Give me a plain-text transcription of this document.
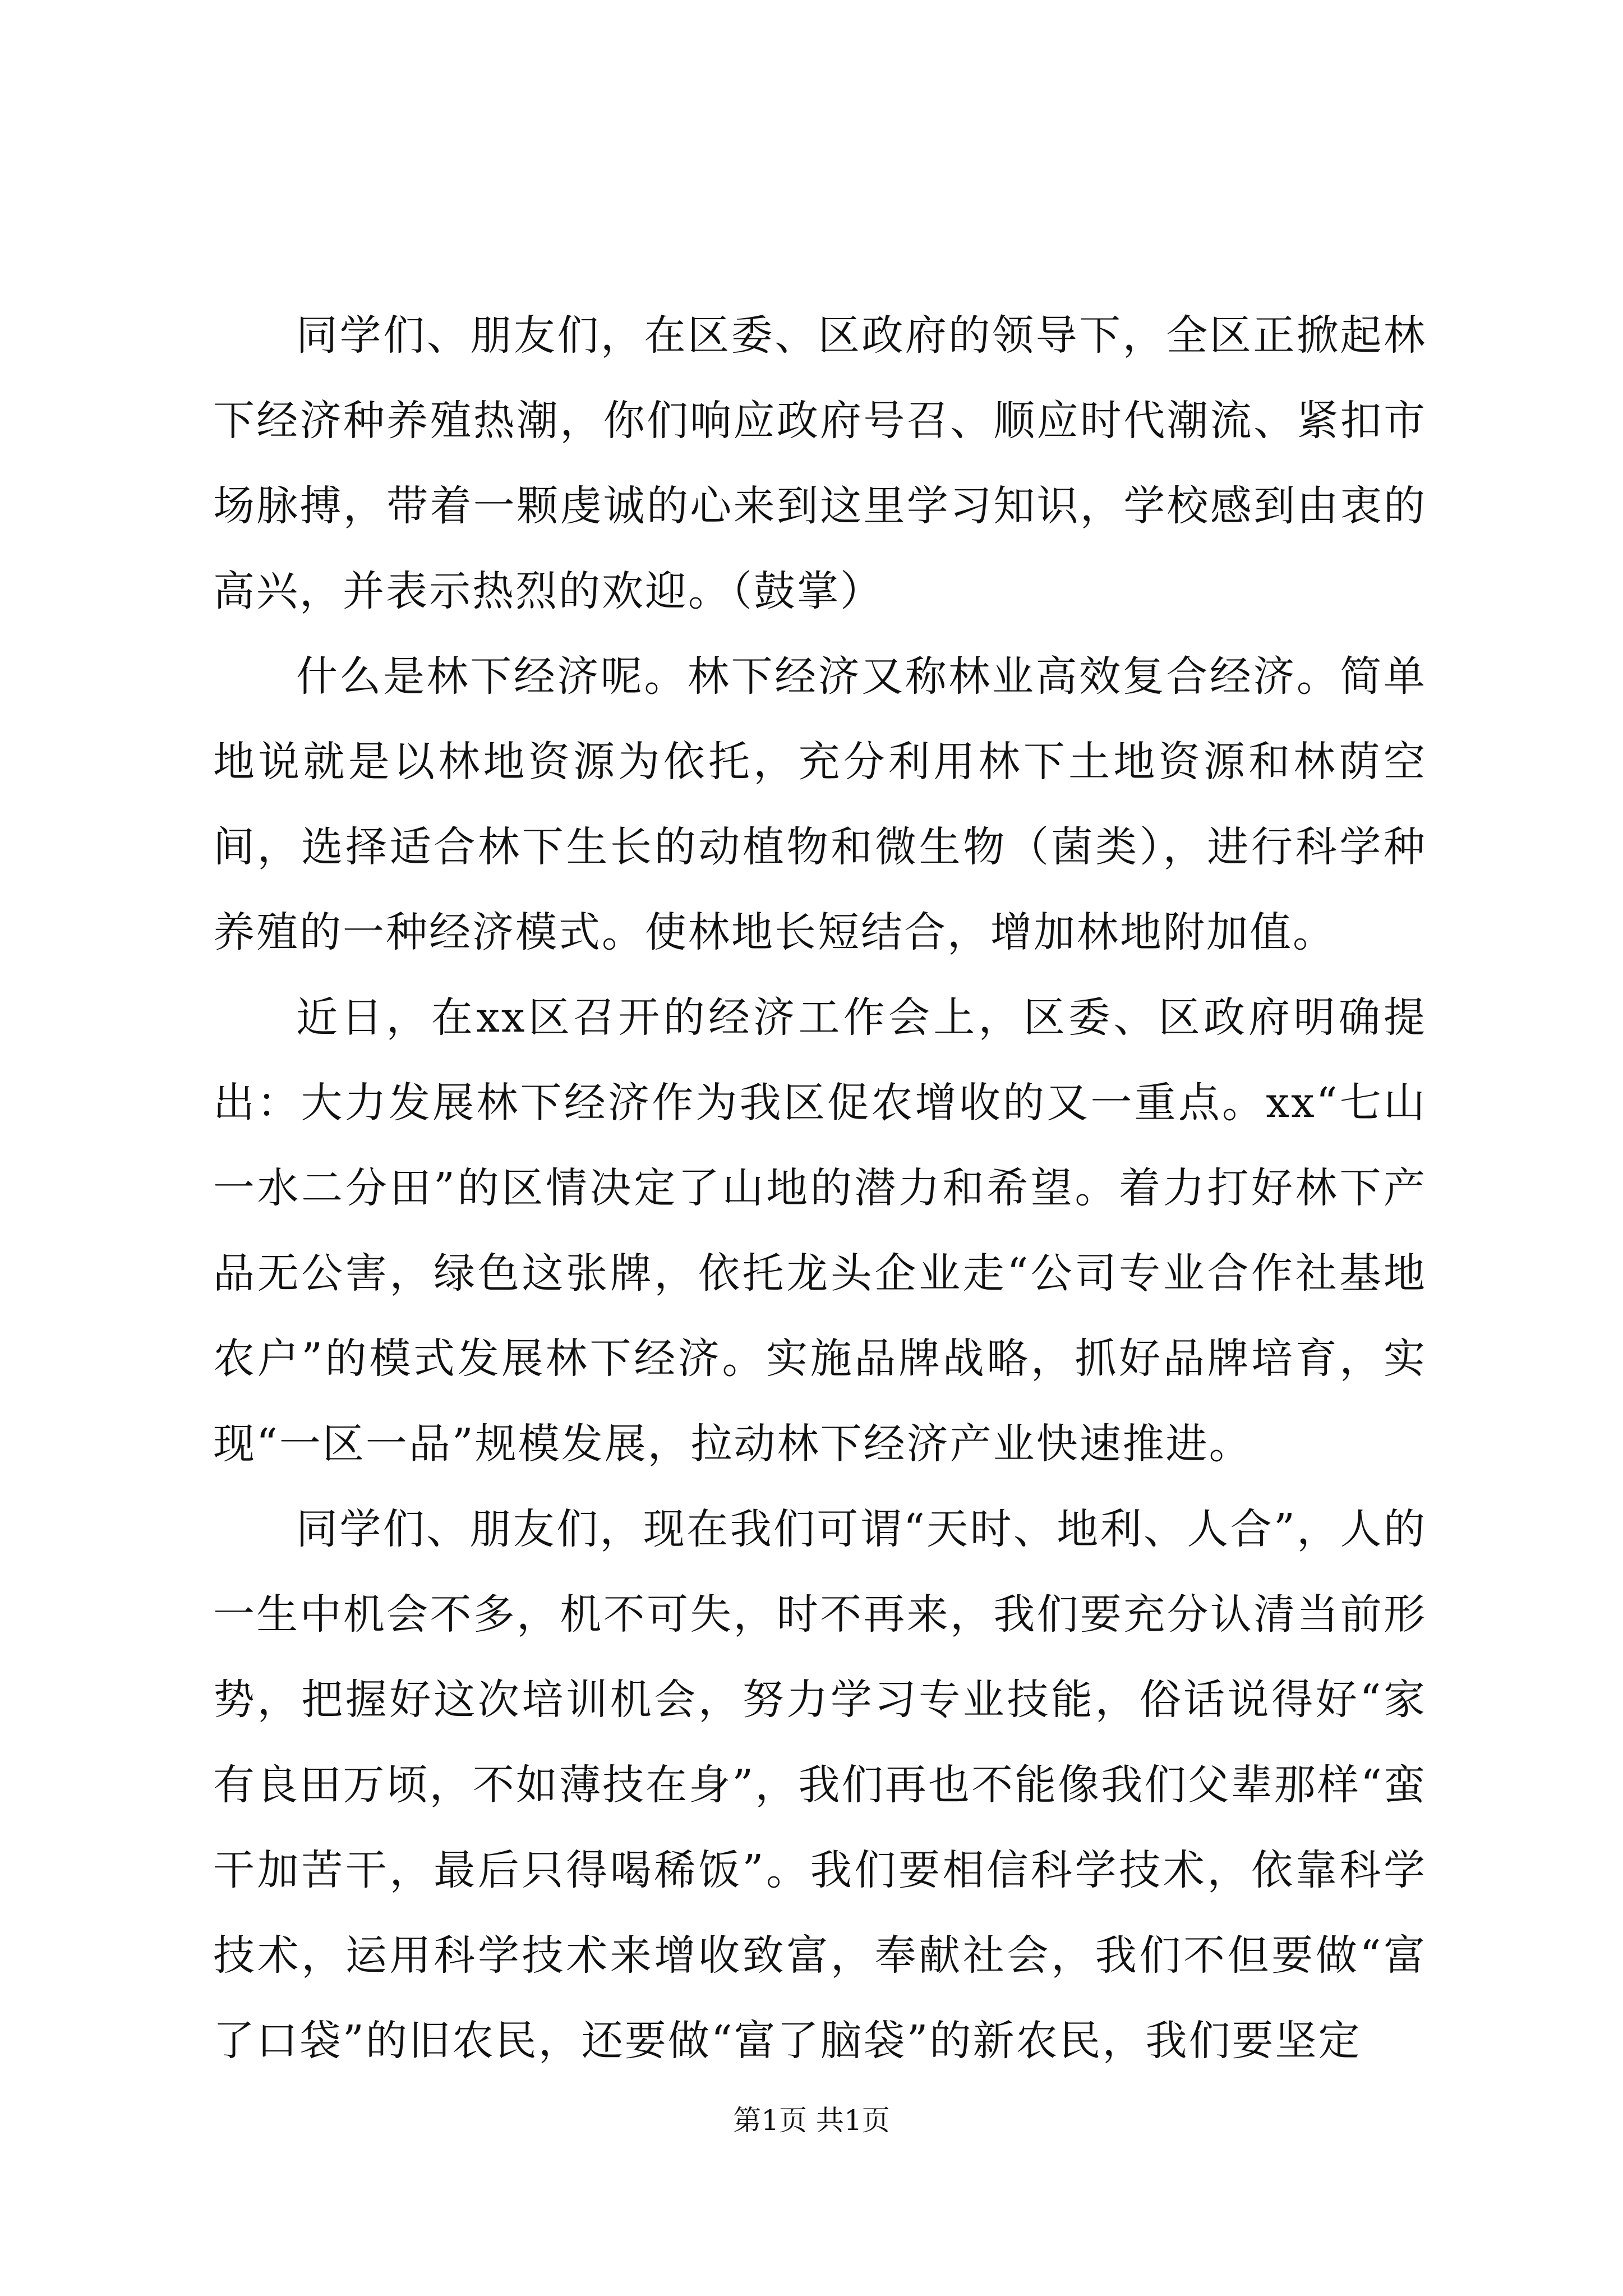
同学们、朋友们，在区委、区政府的领导下，全区正掀起林下经济种养殖热潮，你们响应政府号召、顺应时代潮流、紧扣市场脉搏，带着一颗虔诚的心来到这里学习知识，学校感到由衷的高兴，并表示热烈的欢迎。（鼓掌）

什么是林下经济呢。林下经济又称林业高效复合经济。简单地说就是以林地资源为依托，充分利用林下土地资源和林荫空间，选择适合林下生长的动植物和微生物（菌类），进行科学种养殖的一种经济模式。使林地长短结合，增加林地附加值。

近日，在xx区召开的经济工作会上，区委、区政府明确提出：大力发展林下经济作为我区促农增收的又一重点。xx“七山一水二分田”的区情决定了山地的潜力和希望。着力打好林下产品无公害，绿色这张牌，依托龙头企业走“公司专业合作社基地农户”的模式发展林下经济。实施品牌战略，抓好品牌培育，实现“一区一品”规模发展，拉动林下经济产业快速推进。

同学们、朋友们，现在我们可谓“天时、地利、人合”，人的一生中机会不多，机不可失，时不再来，我们要充分认清当前形势，把握好这次培训机会，努力学习专业技能，俗话说得好“家有良田万顷，不如薄技在身”，我们再也不能像我们父辈那样“蛮干加苦干，最后只得喝稀饭”。我们要相信科学技术，依靠科学技术，运用科学技术来增收致富，奉献社会，我们不但要做“富了口袋”的旧农民，还要做“富了脑袋”的新农民，我们要坚定

第1页 共1页
